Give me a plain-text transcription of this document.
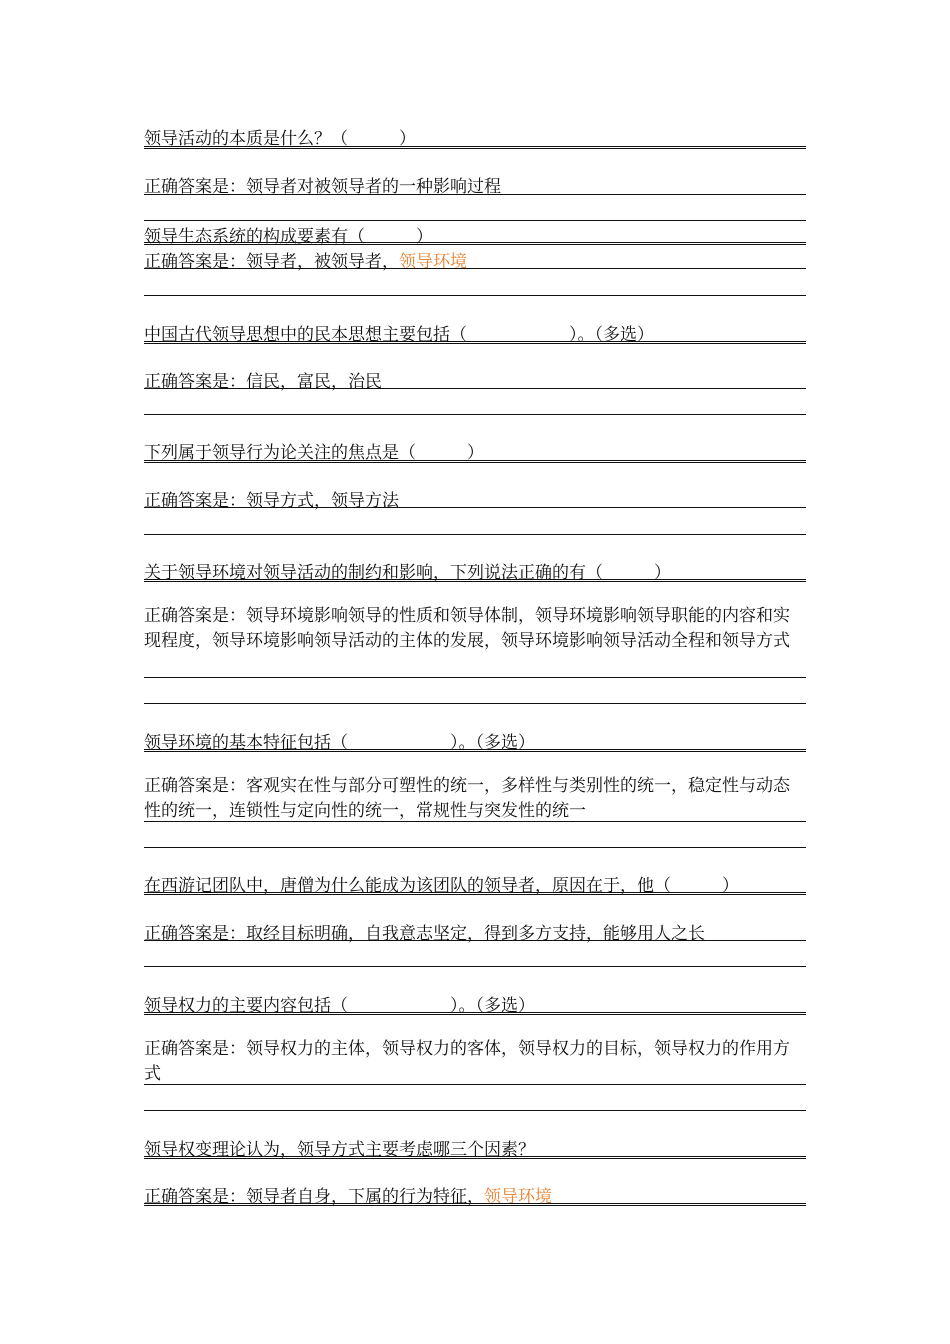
领导活动的本质是什么？（　　　）
正确答案是：领导者对被领导者的一种影响过程
领导生态系统的构成要素有（　　　）
正确答案是：领导者，被领导者，领导环境
中国古代领导思想中的民本思想主要包括（　　　　　　）。（多选）
正确答案是：信民，富民，治民
下列属于领导行为论关注的焦点是（　　　）
正确答案是：领导方式，领导方法
关于领导环境对领导活动的制约和影响，下列说法正确的有（　　　）
正确答案是：领导环境影响领导的性质和领导体制，领导环境影响领导职能的内容和实现程度，领导环境影响领导活动的主体的发展，领导环境影响领导活动全程和领导方式
领导环境的基本特征包括（　　　　　　）。（多选）
正确答案是：客观实在性与部分可塑性的统一，多样性与类别性的统一，稳定性与动态性的统一，连锁性与定向性的统一，常规性与突发性的统一
在西游记团队中，唐僧为什么能成为该团队的领导者，原因在于，他（　　　）
正确答案是：取经目标明确，自我意志坚定，得到多方支持，能够用人之长
领导权力的主要内容包括（　　　　　　）。（多选）
正确答案是：领导权力的主体，领导权力的客体，领导权力的目标，领导权力的作用方式
领导权变理论认为，领导方式主要考虑哪三个因素？
正确答案是：领导者自身，下属的行为特征，领导环境
